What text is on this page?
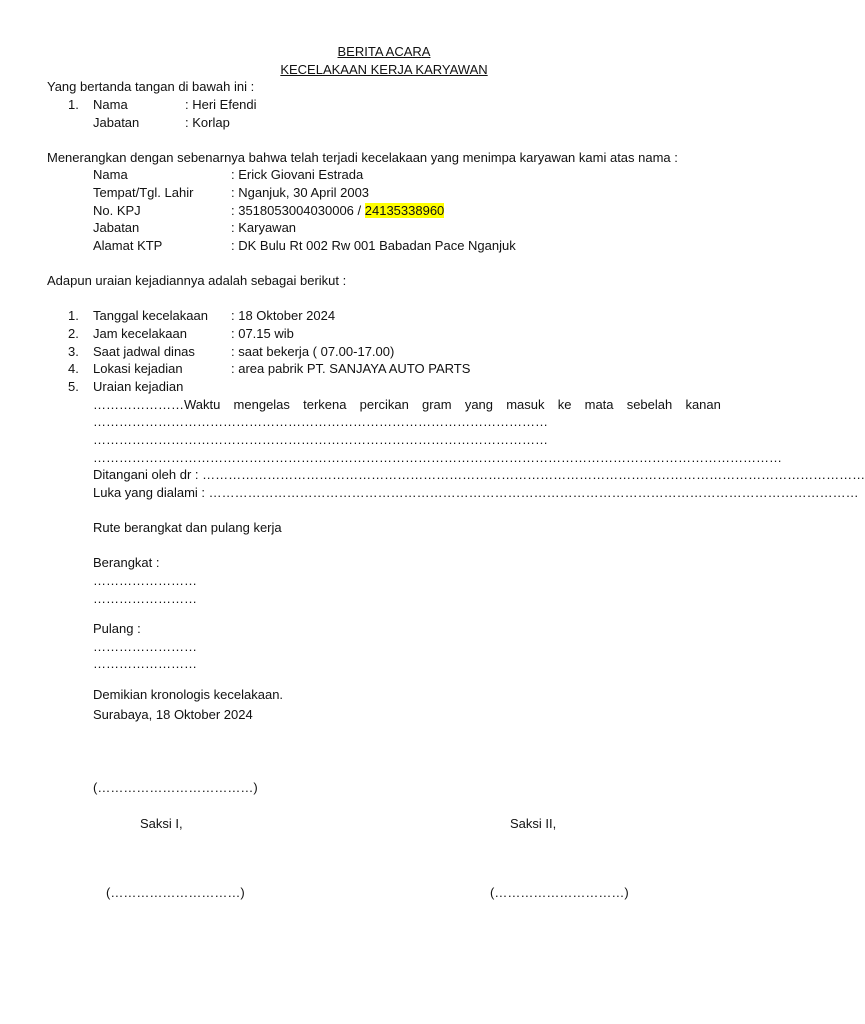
BERITA ACARA
KECELAKAAN KERJA KARYAWAN
Yang bertanda tangan di bawah ini :
1. Nama	: Heri Efendi
Jabatan	: Korlap
Menerangkan dengan sebenarnya bahwa telah terjadi kecelakaan yang menimpa karyawan kami atas nama :
Nama	: Erick Giovani Estrada
Tempat/Tgl. Lahir	: Nganjuk, 30 April 2003
No. KPJ	: 3518053004030006 / 24135338960
Jabatan	: Karyawan
Alamat KTP	: DK Bulu Rt 002 Rw 001 Babadan Pace Nganjuk
Adapun uraian kejadiannya adalah sebagai berikut :
1. Tanggal kecelakaan : 18 Oktober 2024
2. Jam kecelakaan	: 07.15 wib
3. Saat jadwal dinas	: saat bekerja ( 07.00-17.00)
4. Lokasi kejadian	: area pabrik PT. SANJAYA AUTO PARTS
5. Uraian kejadian
…………………Waktu mengelas terkena percikan gram yang masuk ke mata sebelah kanan
……………………………………………………………………………………………
……………………………………………………………………………………………
……………………………………………………………………………………………………………………………………………
Ditangani oleh dr : ………………………………………………………………………………………………………………………………………
Luka yang dialami : ……………………………………………………………………………………………………………………………………
Rute berangkat dan pulang kerja
Berangkat :
……………………
……………………
Pulang :
……………………
……………………
Demikian kronologis kecelakaan.
Surabaya, 18 Oktober 2024
(………………………………)
Saksi I,	Saksi II,
(…………………………)	(…………………………)
